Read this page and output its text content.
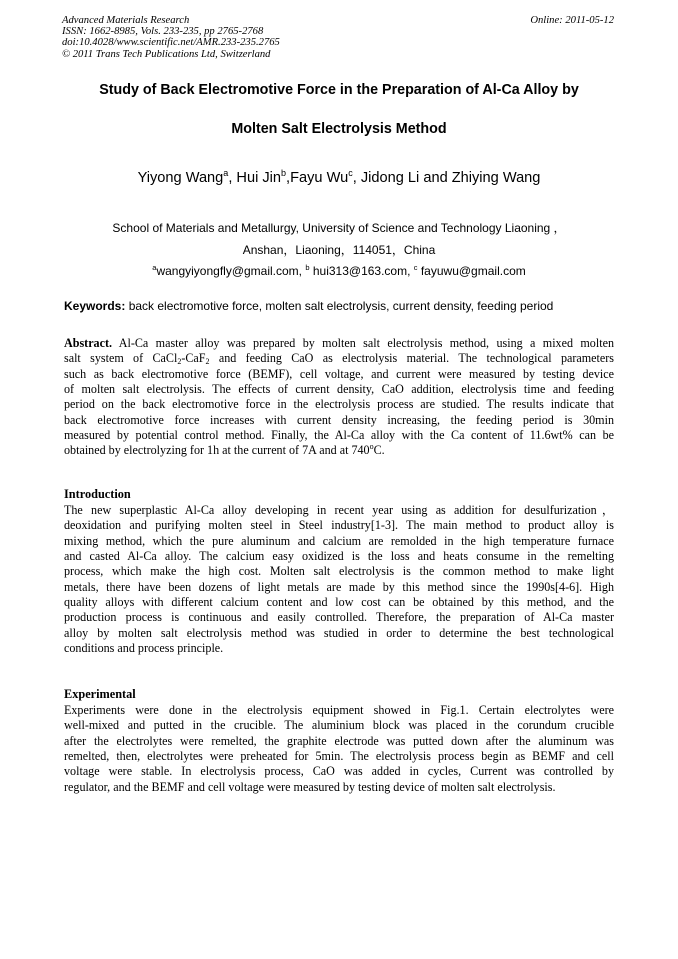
Advanced Materials Research
ISSN: 1662-8985, Vols. 233-235, pp 2765-2768
doi:10.4028/www.scientific.net/AMR.233-235.2765
© 2011 Trans Tech Publications Ltd, Switzerland
Online: 2011-05-12
Study of Back Electromotive Force in the Preparation of Al-Ca Alloy by
Molten Salt Electrolysis Method
Yiyong Wang$^a$, Hui Jin$^b$,Fayu Wu$^c$, Jidong Li and Zhiying Wang
School of Materials and Metallurgy, University of Science and Technology Liaoning ，
Anshan，Liaoning，114051，China
$^a$wangyiyongfly@gmail.com, $^b$ hui313@163.com, $^c$ fayuwu@gmail.com
Keywords: back electromotive force, molten salt electrolysis, current density, feeding period
Abstract. Al-Ca master alloy was prepared by molten salt electrolysis method, using a mixed molten
salt system of CaCl$_2$-CaF$_2$ and feeding CaO as electrolysis material. The technological parameters
such as back electromotive force (BEMF), cell voltage, and current were measured by testing device
of molten salt electrolysis. The effects of current density, CaO addition, electrolysis time and feeding
period on the back electromotive force in the electrolysis process are studied. The results indicate that
back electromotive force increases with current density increasing, the feeding period is 30min
measured by potential control method. Finally, the Al-Ca alloy with the Ca content of 11.6wt% can be
obtained by electrolyzing for 1h at the current of 7A and at 740$^o$C.
Introduction
The new superplastic Al-Ca alloy developing in recent year using as addition for desulfurization，
deoxidation and purifying molten steel in Steel industry[1-3]. The main method to product alloy is
mixing method, which the pure aluminum and calcium are remolded in the high temperature furnace
and casted Al-Ca alloy. The calcium easy oxidized is the loss and heats consume in the remelting
process, which make the high cost. Molten salt electrolysis is the common method to make light
metals, there have been dozens of light metals are made by this method since the 1990s[4-6]. High
quality alloys with different calcium content and low cost can be obtained by this method, and the
production process is continuous and easily controlled. Therefore, the preparation of Al-Ca master
alloy by molten salt electrolysis method was studied in order to determine the best technological
conditions and process principle.
Experimental
Experiments were done in the electrolysis equipment showed in Fig.1. Certain electrolytes were
well-mixed and putted in the crucible. The aluminium block was placed in the corundum crucible
after the electrolytes were remelted, the graphite electrode was putted down after the aluminum was
remelted, then, electrolytes were preheated for 5min. The electrolysis process begin as BEMF and cell
voltage were stable. In electrolysis process, CaO was added in cycles, Current was controlled by
regulator, and the BEMF and cell voltage were measured by testing device of molten salt electrolysis.
